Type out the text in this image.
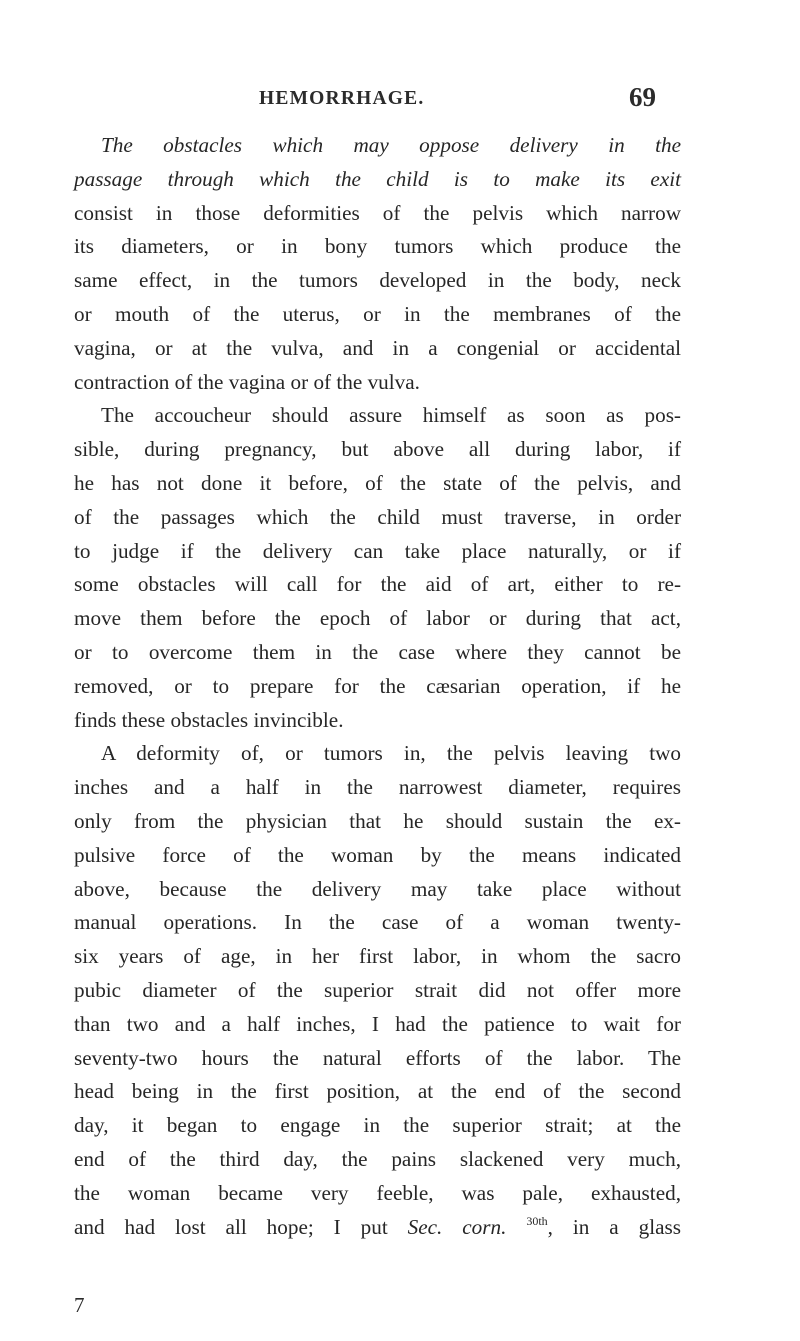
HEMORRHAGE.	69
The obstacles which may oppose delivery in the
passage through which the child is to make its exit
consist in those deformities of the pelvis which narrow
its diameters, or in bony tumors which produce the
same effect, in the tumors developed in the body, neck
or mouth of the uterus, or in the membranes of the
vagina, or at the vulva, and in a congenial or accidental
contraction of the vagina or of the vulva.
The accoucheur should assure himself as soon as pos-
sible, during pregnancy, but above all during labor, if
he has not done it before, of the state of the pelvis, and
of the passages which the child must traverse, in order
to judge if the delivery can take place naturally, or if
some obstacles will call for the aid of art, either to re-
move them before the epoch of labor or during that act,
or to overcome them in the case where they cannot be
removed, or to prepare for the cæsarian operation, if he
finds these obstacles invincible.
A deformity of, or tumors in, the pelvis leaving two
inches and a half in the narrowest diameter, requires
only from the physician that he should sustain the ex-
pulsive force of the woman by the means indicated
above, because the delivery may take place without
manual operations. In the case of a woman twenty-
six years of age, in her first labor, in whom the sacro
pubic diameter of the superior strait did not offer more
than two and a half inches, I had the patience to wait for
seventy-two hours the natural efforts of the labor. The
head being in the first position, at the end of the second
day, it began to engage in the superior strait; at the
end of the third day, the pains slackened very much,
the woman became very feeble, was pale, exhausted,
and had lost all hope; I put Sec. corn. $^{30th}$, in a glass
7
